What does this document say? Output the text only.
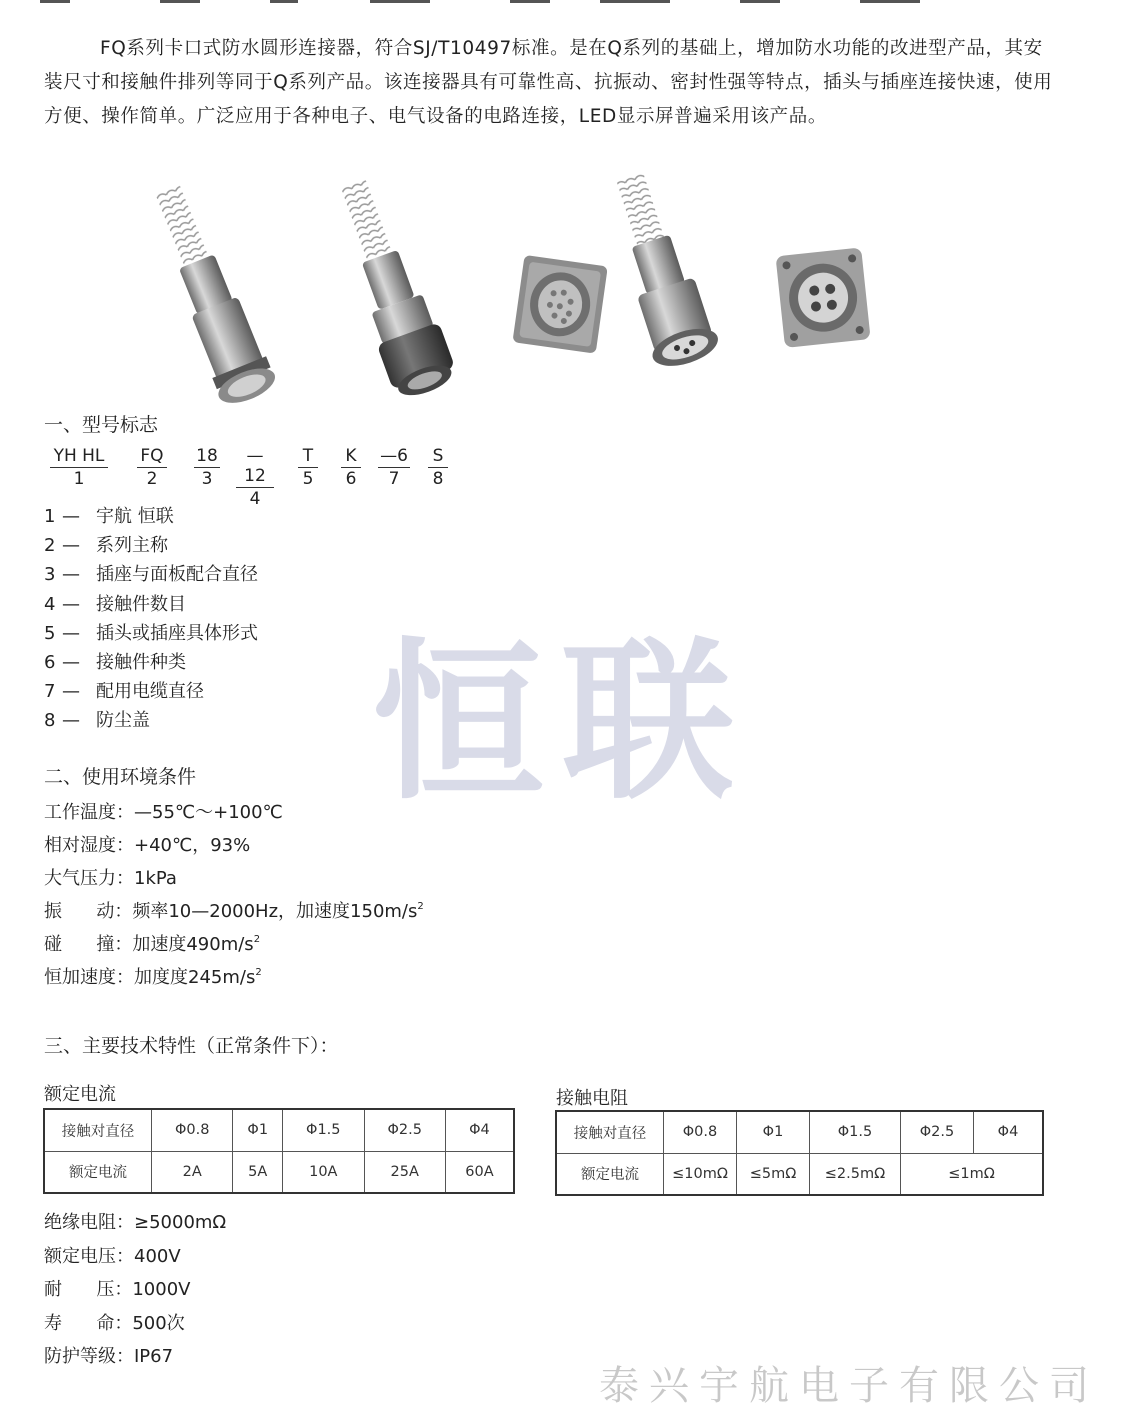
FQ系列卡口式防水圆形连接器，符合SJ/T10497标准。是在Q系列的基础上，增加防水功能的改进型产品，其安装尺寸和接触件排列等同于Q系列产品。该连接器具有可靠性高、抗振动、密封性强等特点，插头与插座连接快速，使用方便、操作简单。广泛应用于各种电子、电气设备的电路连接，LED显示屏普遍采用该产品。

一、型号标志
YH HL
1
FQ
2
18
3
—12
4
T
5
K
6
—6
7
S
8
1 — 宇航 恒联
2 — 系列主称
3 — 插座与面板配合直径
4 — 接触件数目
5 — 插头或插座具体形式
6 — 接触件种类
7 — 配用电缆直径
8 — 防尘盖	恒联
二、使用环境条件
工作温度：—55℃～+100℃
相对湿度：+40℃，93%
大气压力：1kPa
振      动：频率10—2000Hz，加速度$150m/s^2$
碰      撞：加速度$490m/s^2$
恒加速度：加度度$245m/s^2$
三、主要技术特性（正常条件下）：
额定电流
接触对直径	Φ0.8	Φ1	Φ1.5	Φ2.5	Φ4
额定电流	2A	5A	10A	25A	60A
接触电阻
接触对直径	Φ0.8	Φ1	Φ1.5	Φ2.5	Φ4
额定电流	≤10mΩ	≤5mΩ	≤2.5mΩ	≤1mΩ	
绝缘电阻：≥5000mΩ
额定电压：400V
耐      压：1000V
寿      命：500次
防护等级：IP67
泰兴宇航电子有限公司
